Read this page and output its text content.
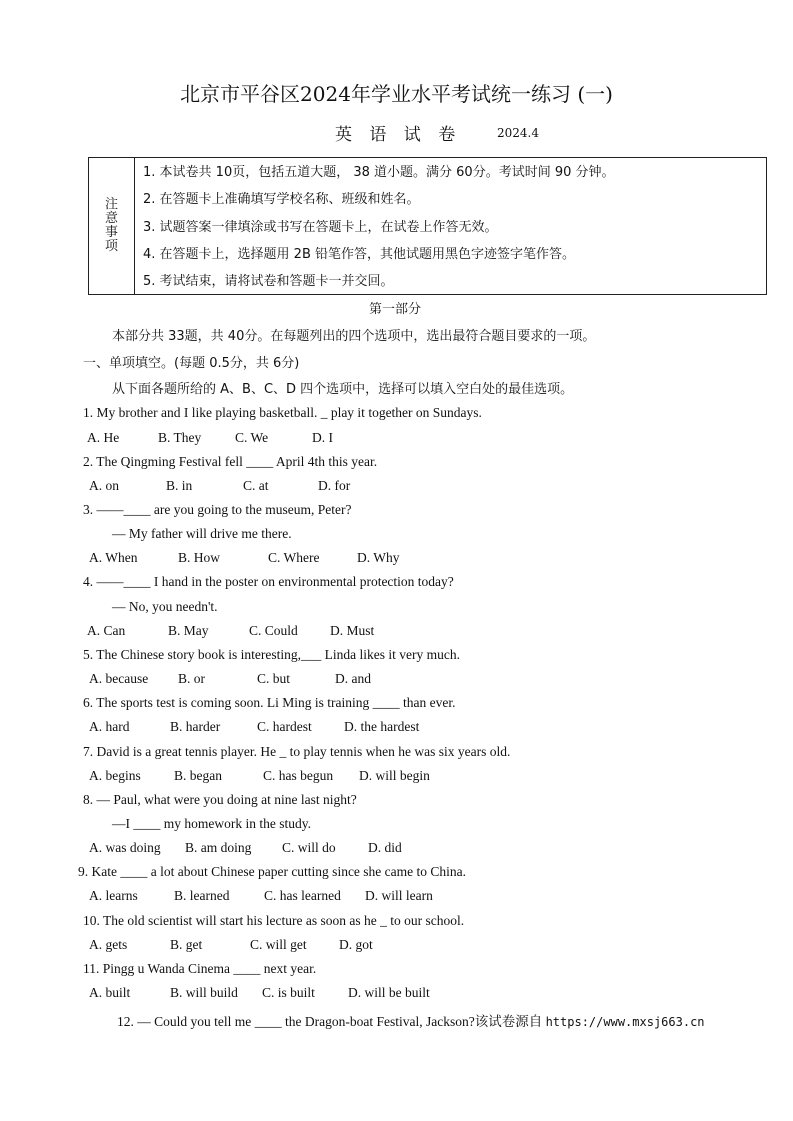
北京市平谷区2024年学业水平考试统一练习 (一)
英 语 试 卷	2024.4
注
意
事
项
1. 本试卷共 10页，包括五道大题， 38 道小题。满分 60分。考试时间 90 分钟。
2. 在答题卡上准确填写学校名称、班级和姓名。
3. 试题答案一律填涂或书写在答题卡上，在试卷上作答无效。
4. 在答题卡上，选择题用 2B 铅笔作答，其他试题用黑色字迹签字笔作答。
5. 考试结束，请将试卷和答题卡一并交回。
第一部分
本部分共 33题，共 40分。在每题列出的四个选项中，选出最符合题目要求的一项。
一、单项填空。(每题 0.5分，共 6分)
从下面各题所给的 A、B、C、D 四个选项中，选择可以填入空白处的最佳选项。
1. My brother and I like playing basketball. _ play it together on Sundays.
A. He	B. They	C. We	D. I
2. The Qingming Festival fell ____ April 4th this year.
A. on	B. in	C. at	D. for
3. ——____ are you going to the museum, Peter?
— My father will drive me there.
A. When	B. How	C. Where	D. Why
4. ——____ I hand in the poster on environmental protection today?
— No, you needn't.
A. Can	B. May	C. Could D. Must
5. The Chinese story book is interesting,___ Linda likes it very much.
A. because B. or	C. but	D. and
6. The sports test is coming soon. Li Ming is training ____ than ever.
A. hard	B. harder	C. hardest D. the hardest
7. David is a great tennis player. He _ to play tennis when he was six years old.
A. begins B. began	C. has begun D. will begin
8. — Paul, what were you doing at nine last night?
—I ____ my homework in the study.
A. was doing B. am doing C. will do D. did
9. Kate ____ a lot about Chinese paper cutting since she came to China.
A. learns	B. learned	C. has learned D. will learn
10. The old scientist will start his lecture as soon as he _ to our school.
A. gets	B. get	C. will get D. got
11. Pingg u Wanda Cinema ____ next year.
A. built	B. will build C. is built D. will be built
12. — Could you tell me ____ the Dragon-boat Festival, Jackson?该试卷源自 https://www.mxsj663.cn
